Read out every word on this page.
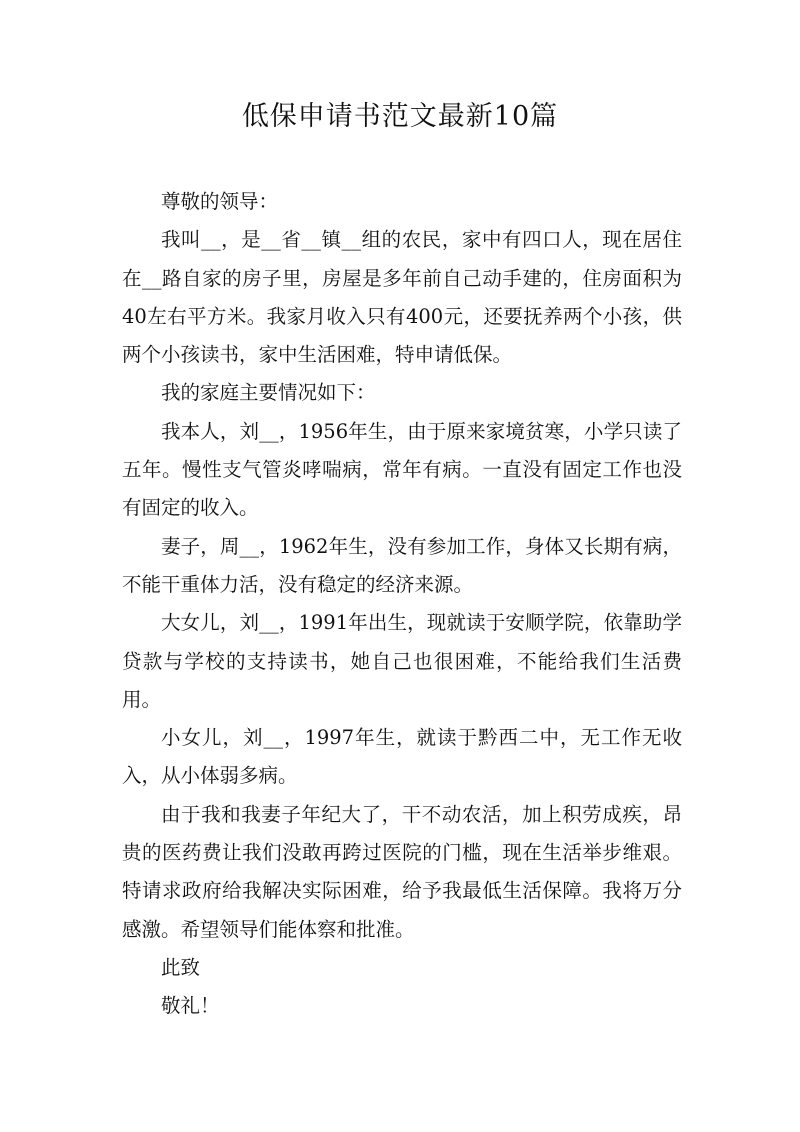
低保申请书范文最新10篇

尊敬的领导：

我叫__，是__省__镇__组的农民，家中有四口人，现在居住在__路自家的房子里，房屋是多年前自己动手建的，住房面积为40左右平方米。我家月收入只有400元，还要抚养两个小孩，供两个小孩读书，家中生活困难，特申请低保。

我的家庭主要情况如下：

我本人，刘__，1956年生，由于原来家境贫寒，小学只读了五年。慢性支气管炎哮喘病，常年有病。一直没有固定工作也没有固定的收入。

妻子，周__，1962年生，没有参加工作，身体又长期有病，不能干重体力活，没有稳定的经济来源。

大女儿，刘__，1991年出生，现就读于安顺学院，依靠助学贷款与学校的支持读书，她自己也很困难，不能给我们生活费用。

小女儿，刘__，1997年生，就读于黔西二中，无工作无收入，从小体弱多病。

由于我和我妻子年纪大了，干不动农活，加上积劳成疾，昂贵的医药费让我们没敢再跨过医院的门槛，现在生活举步维艰。特请求政府给我解决实际困难，给予我最低生活保障。我将万分感激。希望领导们能体察和批准。

此致

敬礼！
